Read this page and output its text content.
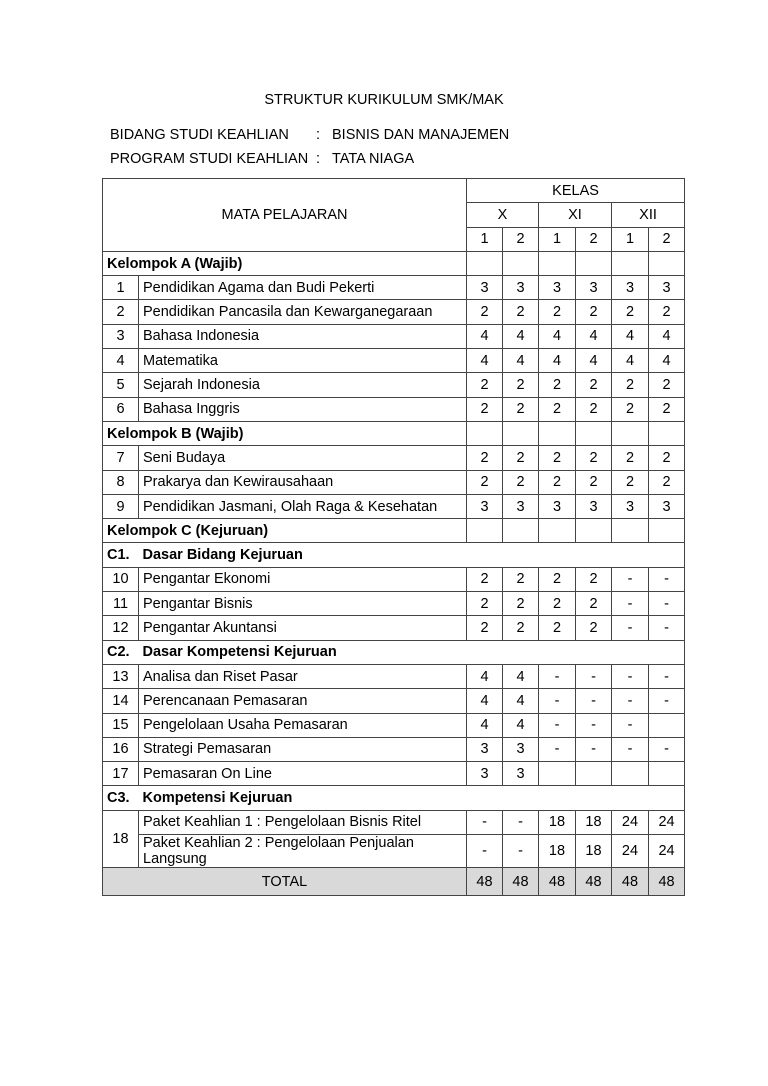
STRUKTUR KURIKULUM SMK/MAK
BIDANG STUDI KEAHLIAN : BISNIS DAN MANAJEMEN
PROGRAM STUDI KEAHLIAN : TATA NIAGA
MATA PELAJARAN		KELAS					
		X		XI		XII	
		1	2	1	2	1	2
Kelompok A (Wajib)							
1	Pendidikan Agama dan Budi Pekerti	3	3	3	3	3	3
2	Pendidikan Pancasila dan Kewarganegaraan	2	2	2	2	2	2
3	Bahasa Indonesia	4	4	4	4	4	4
4	Matematika	4	4	4	4	4	4
5	Sejarah Indonesia	2	2	2	2	2	2
6	Bahasa Inggris	2	2	2	2	2	2
Kelompok B (Wajib)							
7	Seni Budaya	2	2	2	2	2	2
8	Prakarya dan Kewirausahaan	2	2	2	2	2	2
9	Pendidikan Jasmani, Olah Raga & Kesehatan	3	3	3	3	3	3
Kelompok C (Kejuruan)							
C1.	Dasar Bidang Kejuruan						
10	Pengantar Ekonomi	2	2	2	2	-	-
11	Pengantar Bisnis	2	2	2	2	-	-
12	Pengantar Akuntansi	2	2	2	2	-	-
C2.	Dasar Kompetensi Kejuruan						
13	Analisa dan Riset Pasar	4	4	-	-	-	-
14	Perencanaan Pemasaran	4	4	-	-	-	-
15	Pengelolaan Usaha Pemasaran	4	4	-	-	-	
16	Strategi Pemasaran	3	3	-	-	-	-
17	Pemasaran On Line	3	3				
C3.	Kompetensi Kejuruan						
18	Paket Keahlian 1 : Pengelolaan Bisnis Ritel	-	-	18	18	24	24
	Paket Keahlian 2 : Pengelolaan Penjualan Langsung	-	-	18	18	24	24
TOTAL		48	48	48	48	48	48
